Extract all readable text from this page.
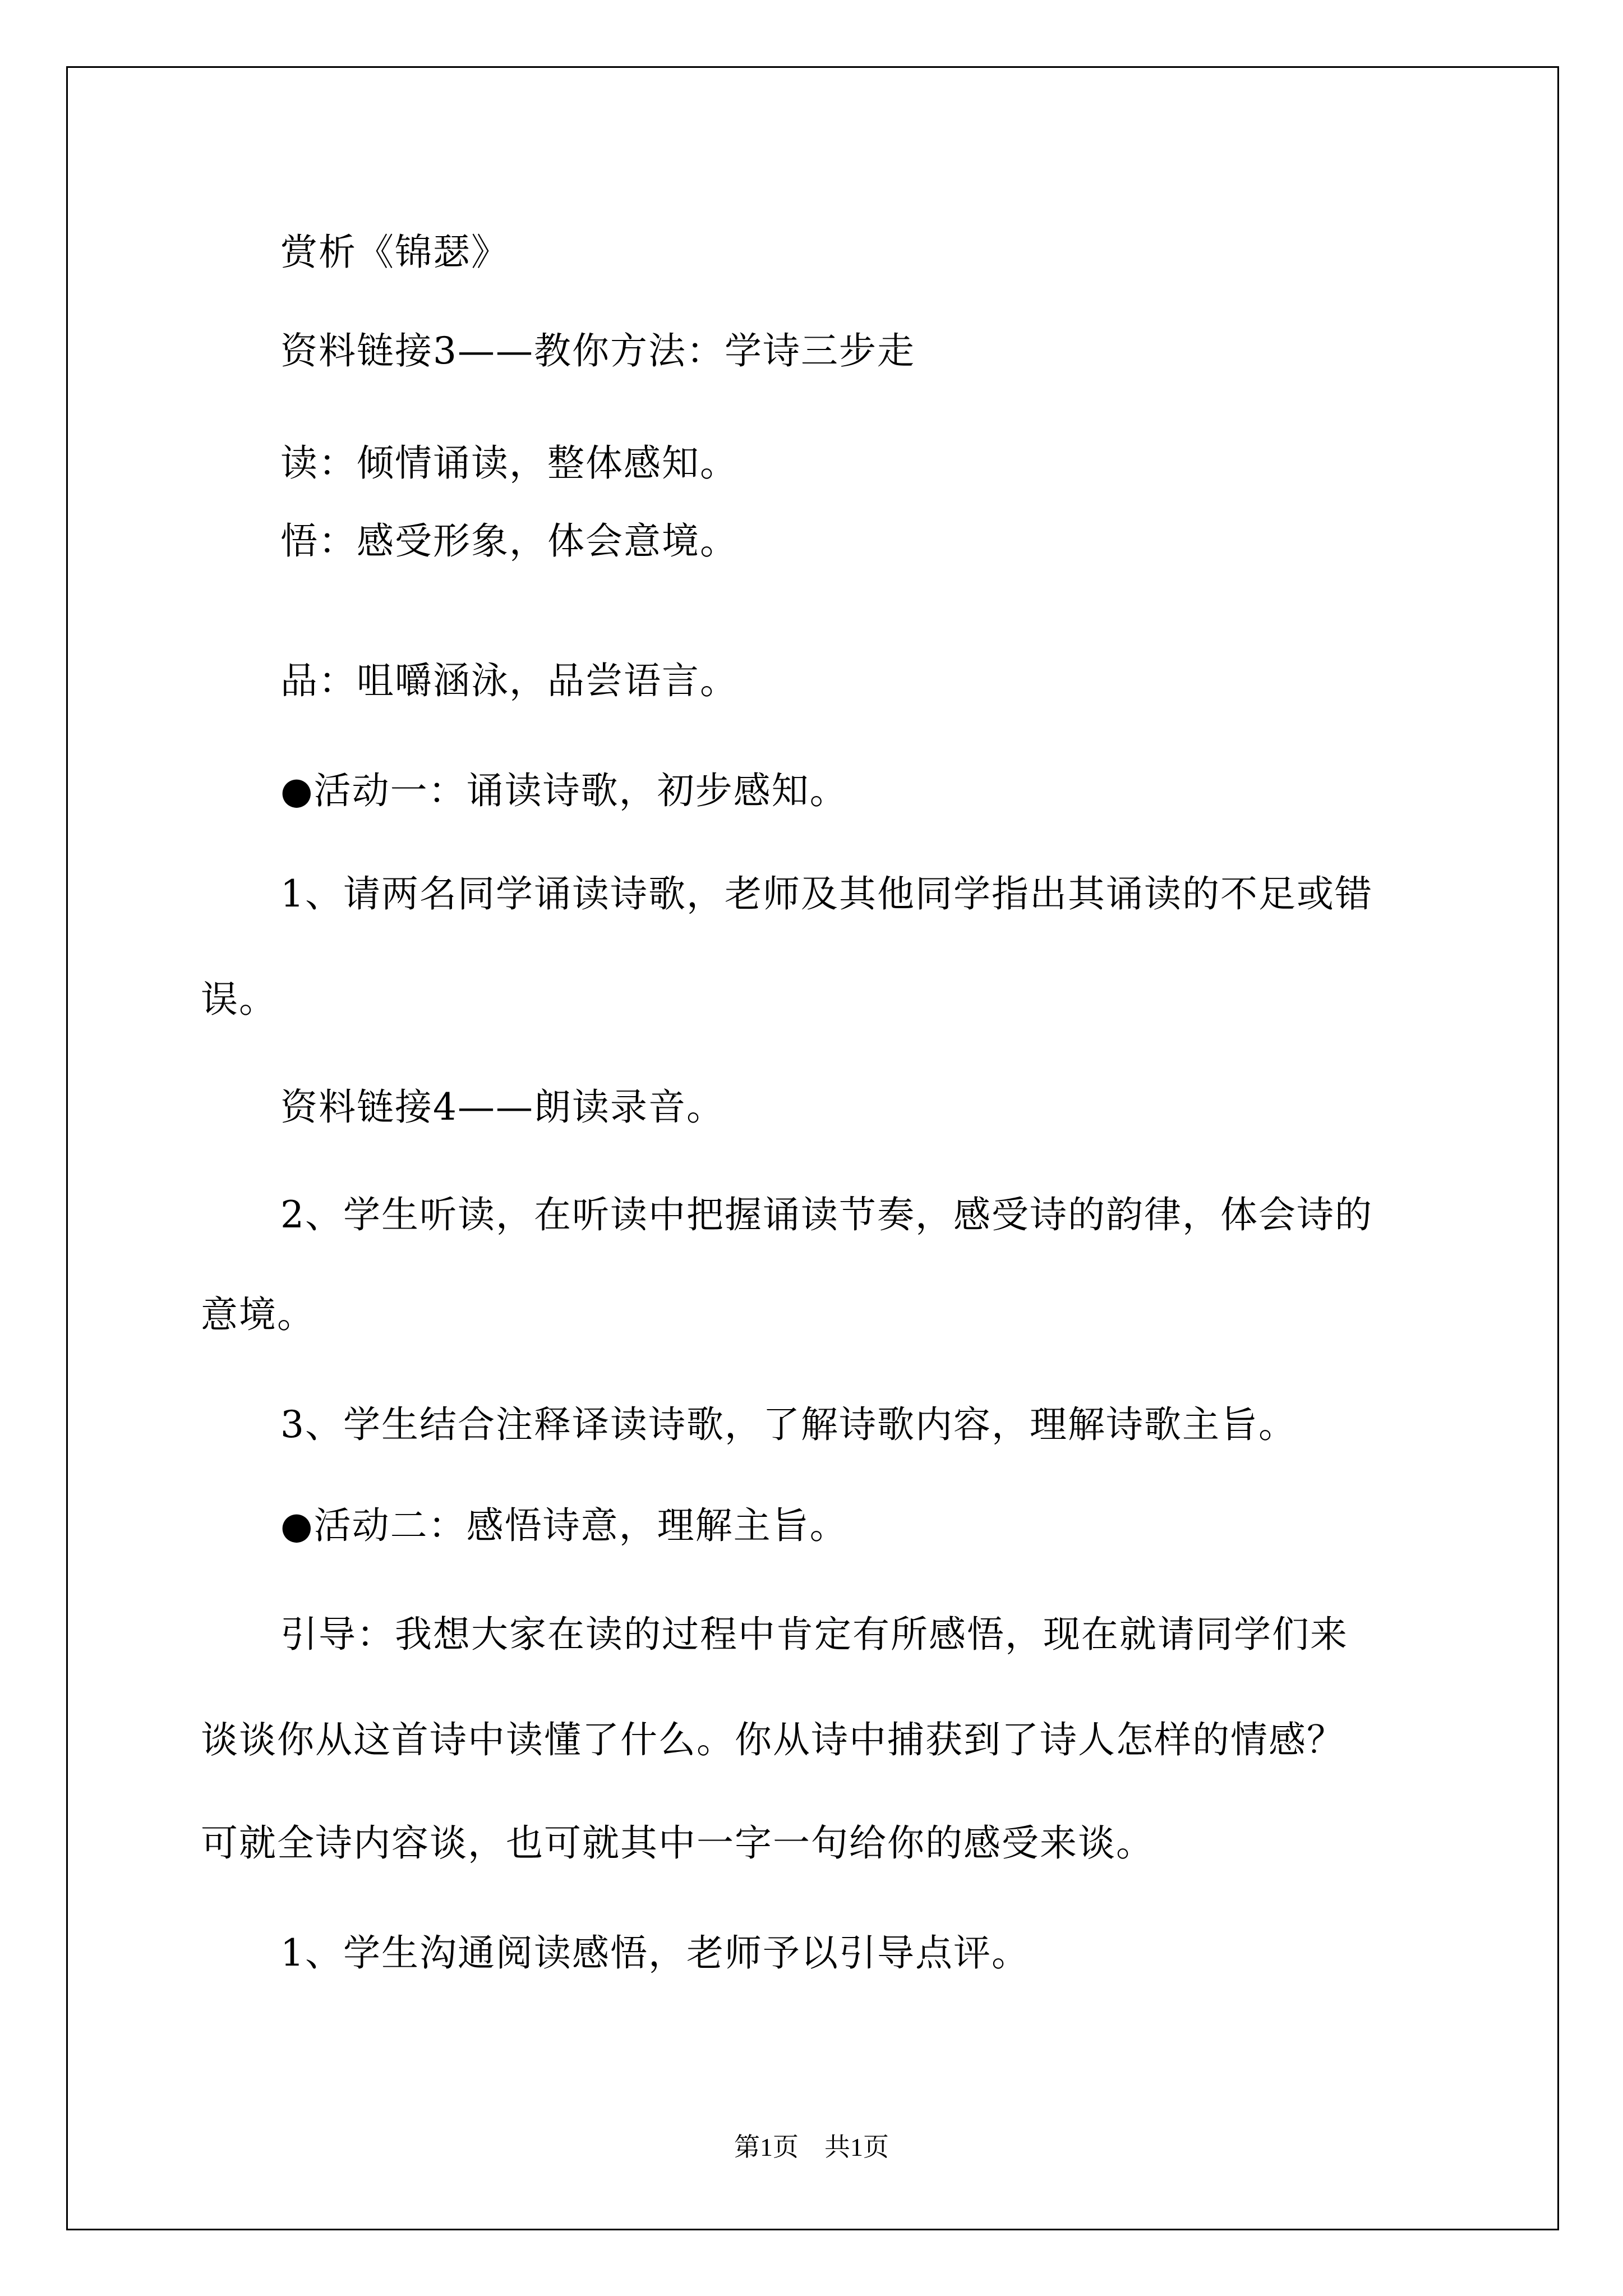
赏析《锦瑟》
资料链接3——教你方法：学诗三步走
读：倾情诵读，整体感知。
悟：感受形象，体会意境。
品：咀嚼涵泳，品尝语言。
●活动一：诵读诗歌，初步感知。
1、请两名同学诵读诗歌，老师及其他同学指出其诵读的不足或错
误。
资料链接4——朗读录音。
2、学生听读，在听读中把握诵读节奏，感受诗的韵律，体会诗的
意境。
3、学生结合注释译读诗歌，了解诗歌内容，理解诗歌主旨。
●活动二：感悟诗意，理解主旨。
引导：我想大家在读的过程中肯定有所感悟，现在就请同学们来
谈谈你从这首诗中读懂了什么。你从诗中捕获到了诗人怎样的情感？
可就全诗内容谈，也可就其中一字一句给你的感受来谈。
1、学生沟通阅读感悟，老师予以引导点评。
第1页　共1页
